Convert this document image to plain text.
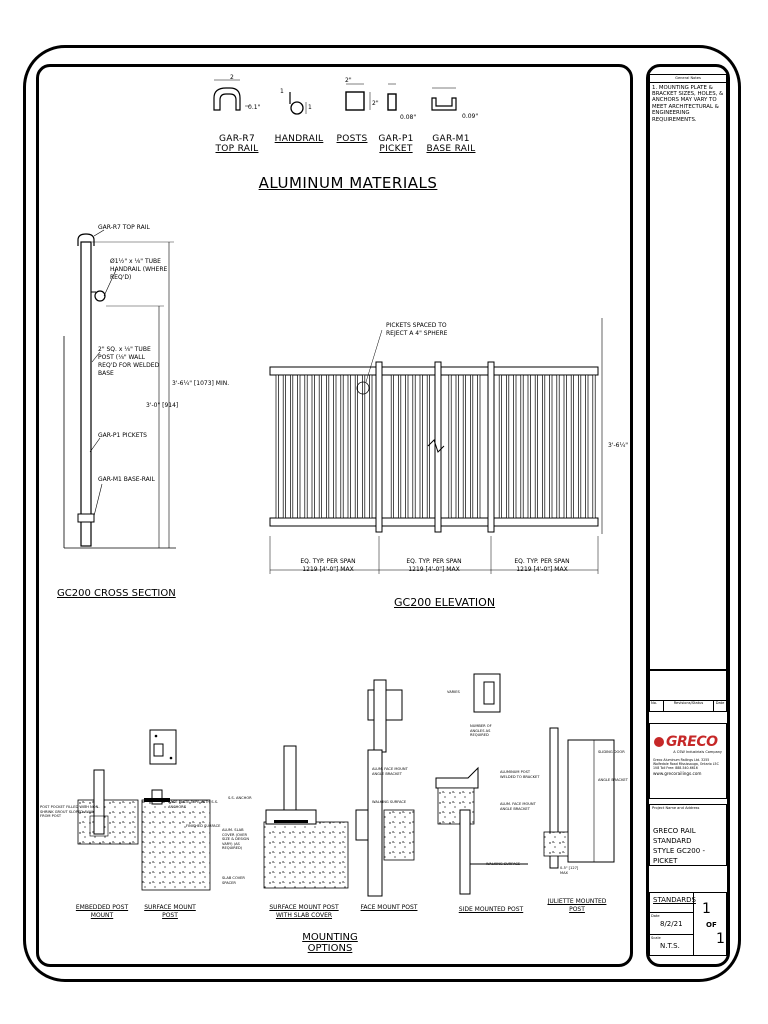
0.1"
2
1
1
2"
2"
0.08"	0.09"
GAR-R7
TOP RAIL
HANDRAIL	POSTS	GAR-P1
PICKET
GAR-M1
BASE RAIL
ALUMINUM MATERIALS
GAR-R7 TOP RAIL
Ø1½" x ⅛" TUBE HANDRAIL (WHERE REQ'D)
2" SQ. x ⅛" TUBE POST (⅛" WALL REQ'D FOR WELDED BASE
GAR-P1 PICKETS
GAR-M1 BASE-RAIL
3'-6¼" [1073] MIN.
3'-0" [914]
GC200 CROSS SECTION
PICKETS SPACED TO
REJECT A 4" SPHERE
3'-6¼"
EQ. TYP. PER SPAN
1219 [4'-0"] MAX
EQ. TYP. PER SPAN
1219 [4'-0"] MAX
EQ. TYP. PER SPAN
1219 [4'-0"] MAX
GC200 ELEVATION
POST POCKET FILLED WITH NON-SHRINK GROUT SLOPED AWAY FROM POST
BASE PLATE TYPE WITH S.S. ANCHORS
FINISHED SURFACE
S.S. ANCHOR
ALUM. SLAB COVER (OVER SIZE & DESIGN VARY) (AS REQUIRED)
SLAB COVER SPACER
ALUM. FACE MOUNT ANGLE BRACKET
WALKING SURFACE
ALUMINUM POST WELDED TO BRACKET
ALUM. FACE MOUNT ANGLE BRACKET
WALKING SURFACE
SLIDING DOOR
ANGLE BRACKET
NUMBER OF ANGLES AS REQUIRED
0-5" [127] MAX
VARIES
EMBEDDED POST
MOUNT
SURFACE MOUNT
POST
SURFACE MOUNT POST
WITH SLAB COVER
FACE MOUNT POST	SIDE MOUNTED POST
JULIETTE MOUNTED
POST
MOUNTING OPTIONS
General Notes
1. MOUNTING PLATE & BRACKET SIZES, HOLES, & ANCHORS MAY VARY TO MEET ARCHITECTURAL & ENGINEERING REQUIREMENTS.
No.	Revisions/Status	Date
GRECO
A CSW Industrials Company
Greco Aluminum Railings Ltd. 3255 Wolfedale Road Mississauga, Ontario L5C 1V8 Toll Free: 888-540-6616
www.grecorailings.com
Project Name and Address
GRECO RAIL STANDARD
STYLE GC200 - PICKET
STANDARDS
Date
8/2/21
Scale
N.T.S.
1
OF
1
